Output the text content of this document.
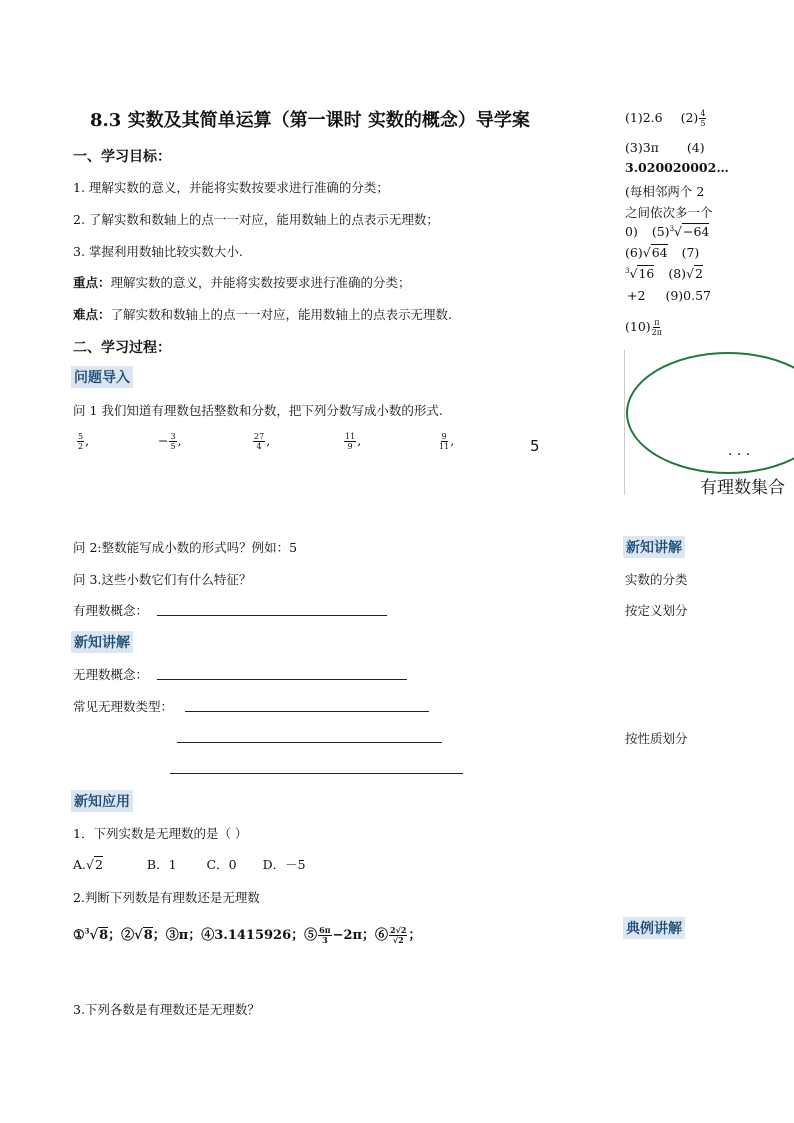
8.3 实数及其简单运算（第一课时 实数的概念）导学案
一、学习目标：
1. 理解实数的意义，并能将实数按要求进行准确的分类；
2. 了解实数和数轴上的点一一对应，能用数轴上的点表示无理数；
3. 掌握利用数轴比较实数大小.
重点：理解实数的意义，并能将实数按要求进行准确的分类；
难点：了解实数和数轴上的点一一对应，能用数轴上的点表示无理数.
二、学习过程：
问题导入
问 1 我们知道有理数包括整数和分数，把下列分数写成小数的形式.
$\frac{5}{2}$ ,	− $\frac{3}{5}$ ,	$\frac{27}{4}$ ,	$\frac{11}{9}$ ,	$\frac{9}{11}$ ,	5
问 2:整数能写成小数的形式吗？例如：5
问 3.这些小数它们有什么特征？
有理数概念：
新知讲解
无理数概念：
常见无理数类型：
新知应用
1．下列实数是无理数的是（ ）
A.√2	B．1 C．0 D．－5
2.判断下列数是有理数还是无理数
①$^3$√8；②√8；③π；④3.1415926；⑤ $\frac{6\pi}{3} -2\pi$；⑥ $\frac{2√2}{√2}$ ；
3.下列各数是有理数还是无理数？
(1)2.6 $(2) \frac{4}{5}$
(3)3π (4)
3.020020002…
(每相邻两个 2
之间依次多一个
0) $(5)^3√-64$
(6)√64 (7)
$^3$√16 (8)√2
+2 (9)0.57̇
$(10) \frac{\pi}{2\pi}$
· · ·
有理数集合
新知讲解
实数的分类
按定义划分
按性质划分
典例讲解
